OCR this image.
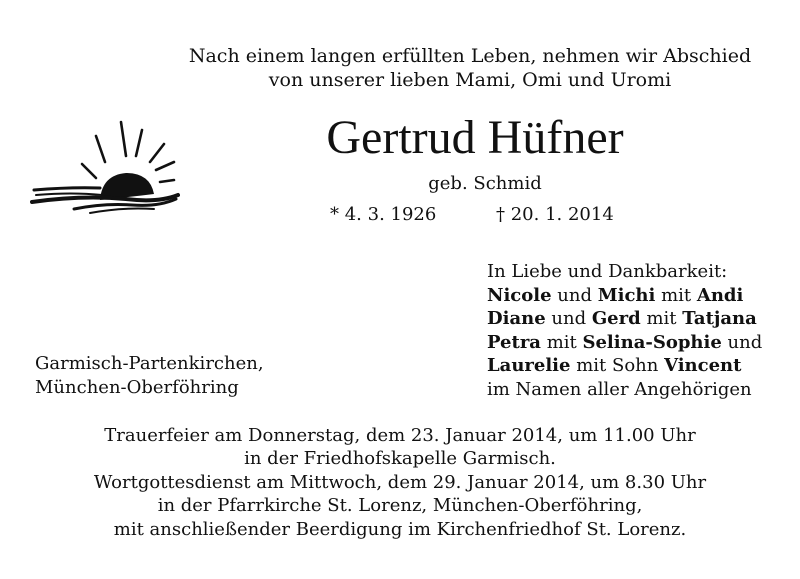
Nach einem langen erfüllten Leben, nehmen wir Abschied
von unserer lieben Mami, Omi und Uromi
Gertrud Hüfner
geb. Schmid
* 4. 3. 1926	† 20. 1. 2014
In Liebe und Dankbarkeit:
Nicole und Michi mit Andi
Diane und Gerd mit Tatjana
Petra mit Selina-Sophie und
Laurelie mit Sohn Vincent
im Namen aller Angehörigen
Garmisch-Partenkirchen,
München-Oberföhring
Trauerfeier am Donnerstag, dem 23. Januar 2014, um 11.00 Uhr
in der Friedhofskapelle Garmisch.
Wortgottesdienst am Mittwoch, dem 29. Januar 2014, um 8.30 Uhr
in der Pfarrkirche St. Lorenz, München-Oberföhring,
mit anschließender Beerdigung im Kirchenfriedhof St. Lorenz.
